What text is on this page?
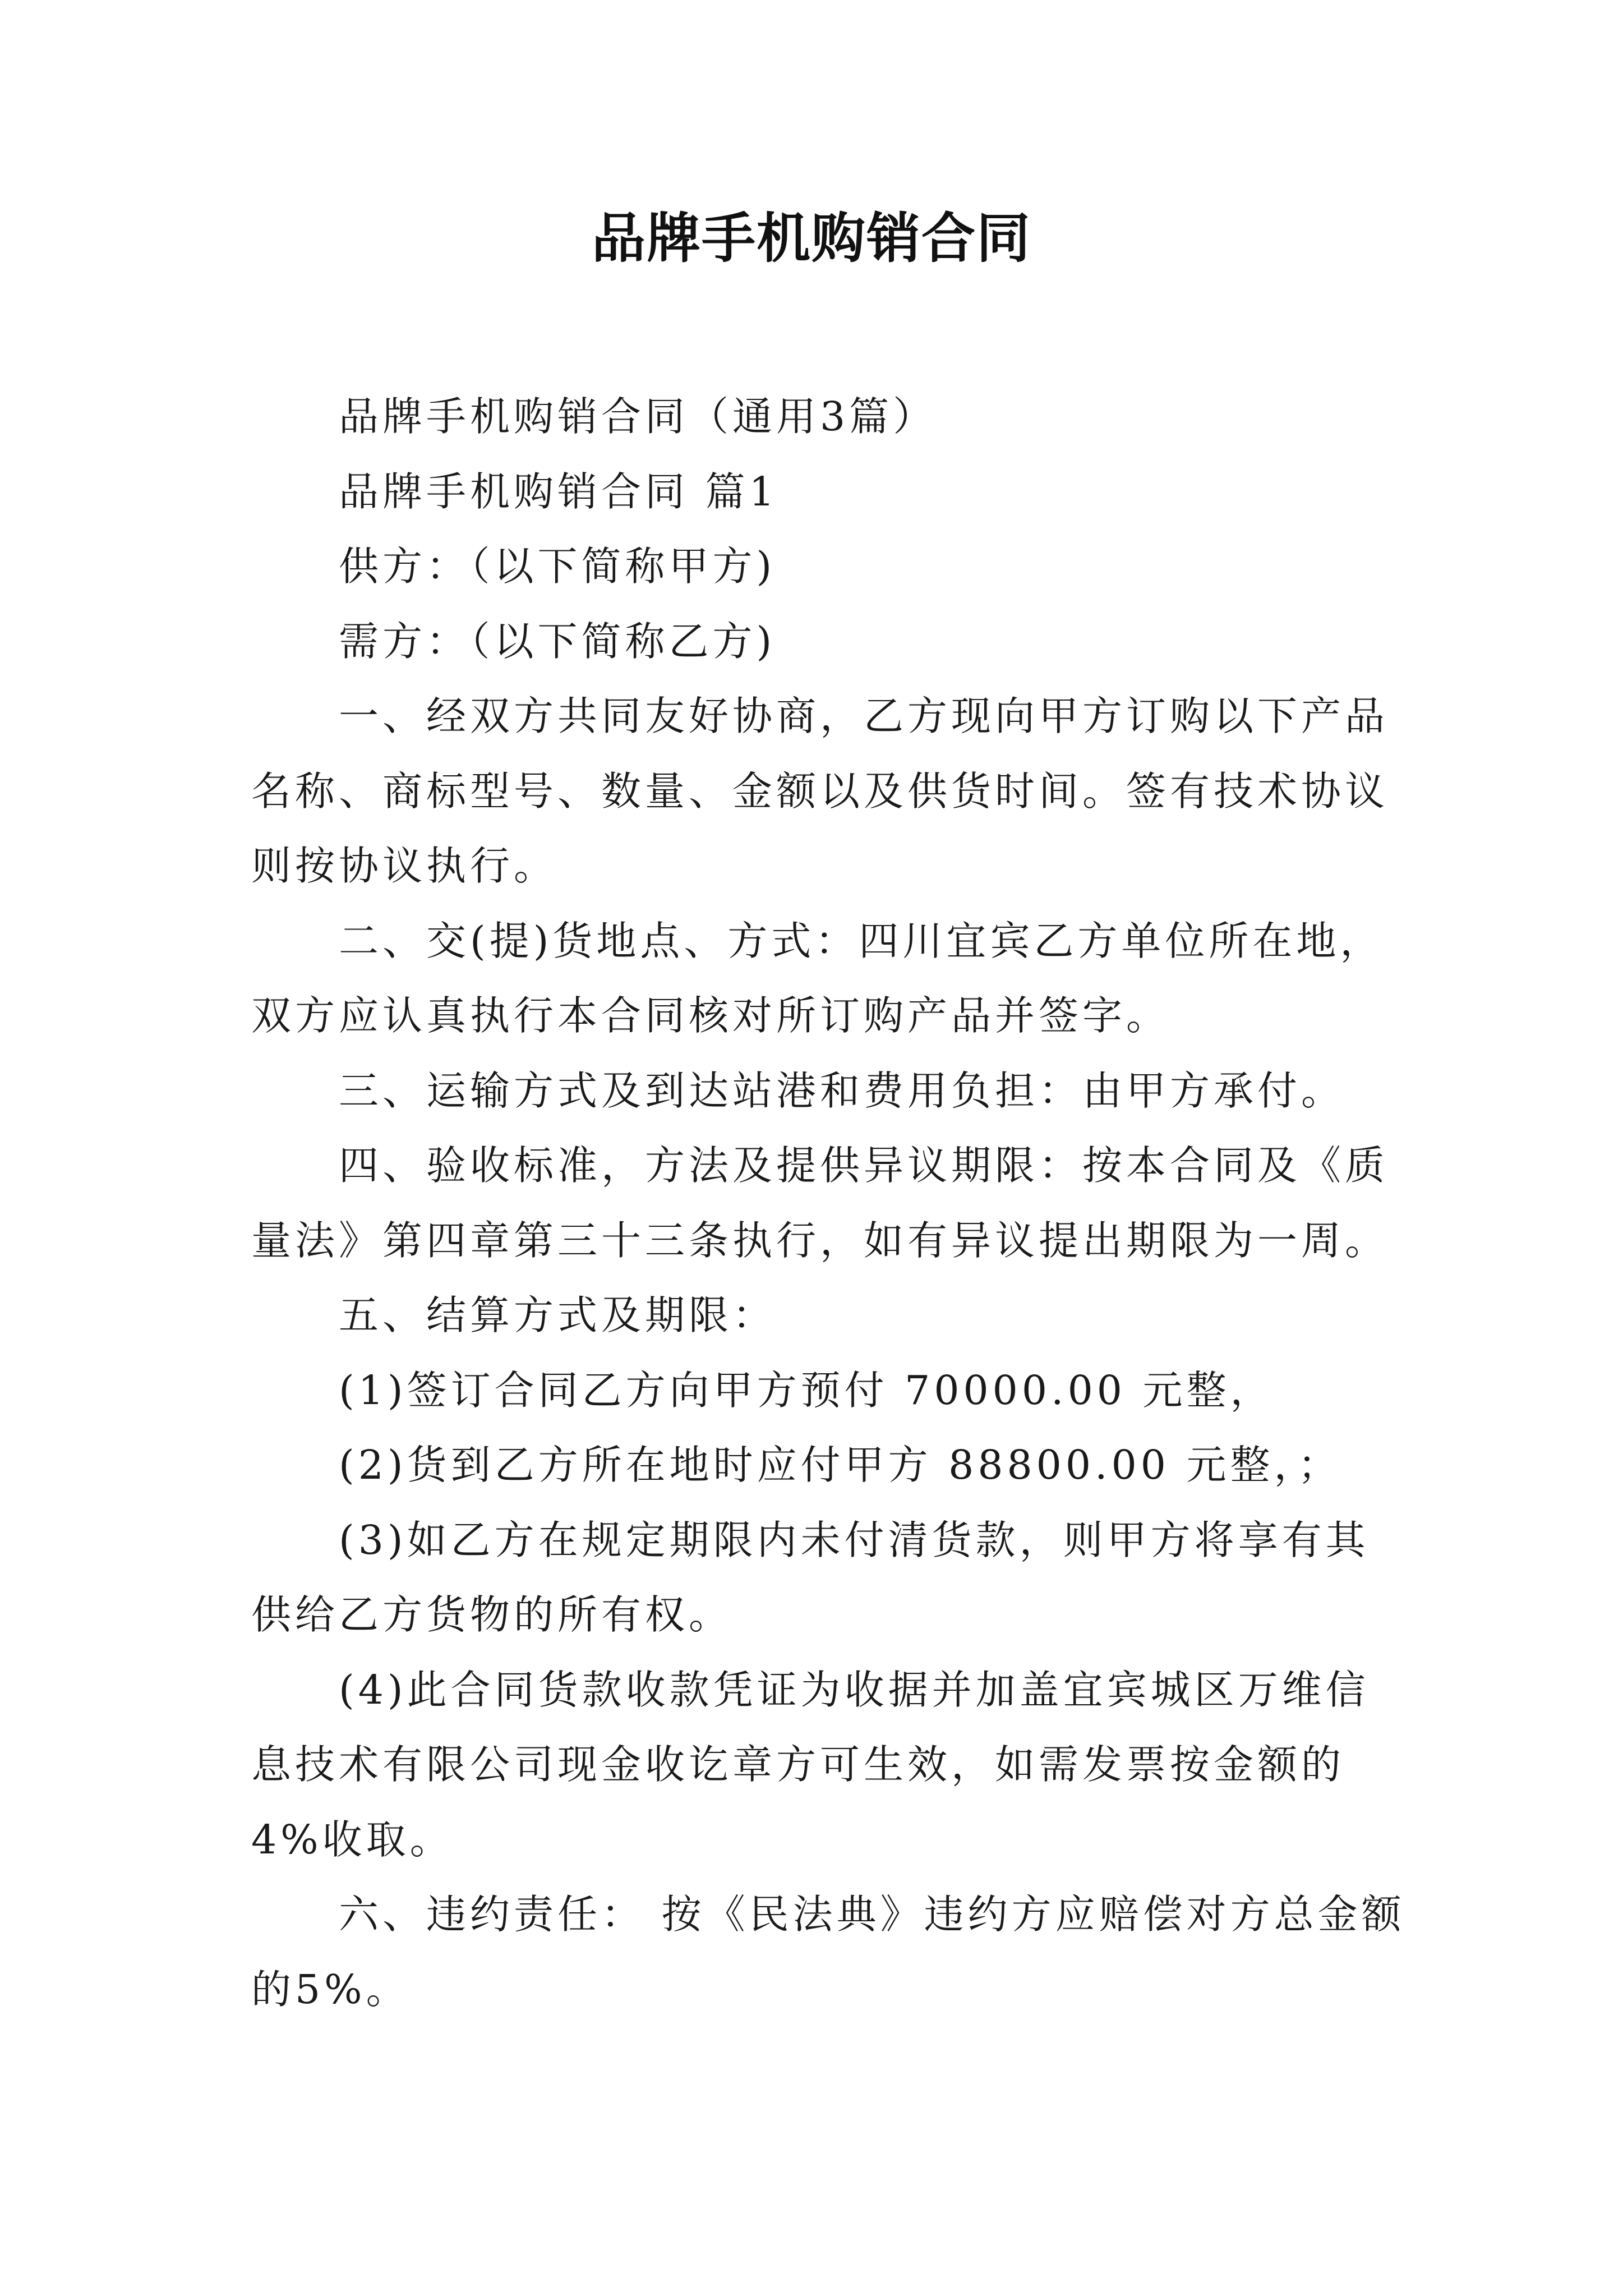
品牌手机购销合同

品牌手机购销合同（通用3篇）

品牌手机购销合同 篇1

供方：（以下简称甲方)

需方：（以下简称乙方)

一、经双方共同友好协商，乙方现向甲方订购以下产品名称、商标型号、数量、金额以及供货时间。签有技术协议则按协议执行。

二、交(提)货地点、方式：四川宜宾乙方单位所在地，双方应认真执行本合同核对所订购产品并签字。

三、运输方式及到达站港和费用负担：由甲方承付。

四、验收标准，方法及提供异议期限：按本合同及《质量法》第四章第三十三条执行，如有异议提出期限为一周。

五、结算方式及期限：

(1)签订合同乙方向甲方预付 70000.00 元整，

(2)货到乙方所在地时应付甲方 88800.00 元整，；

(3)如乙方在规定期限内未付清货款，则甲方将享有其供给乙方货物的所有权。

(4)此合同货款收款凭证为收据并加盖宜宾城区万维信息技术有限公司现金收讫章方可生效，如需发票按金额的4%收取。

六、违约责任： 按《民法典》违约方应赔偿对方总金额的5%。
